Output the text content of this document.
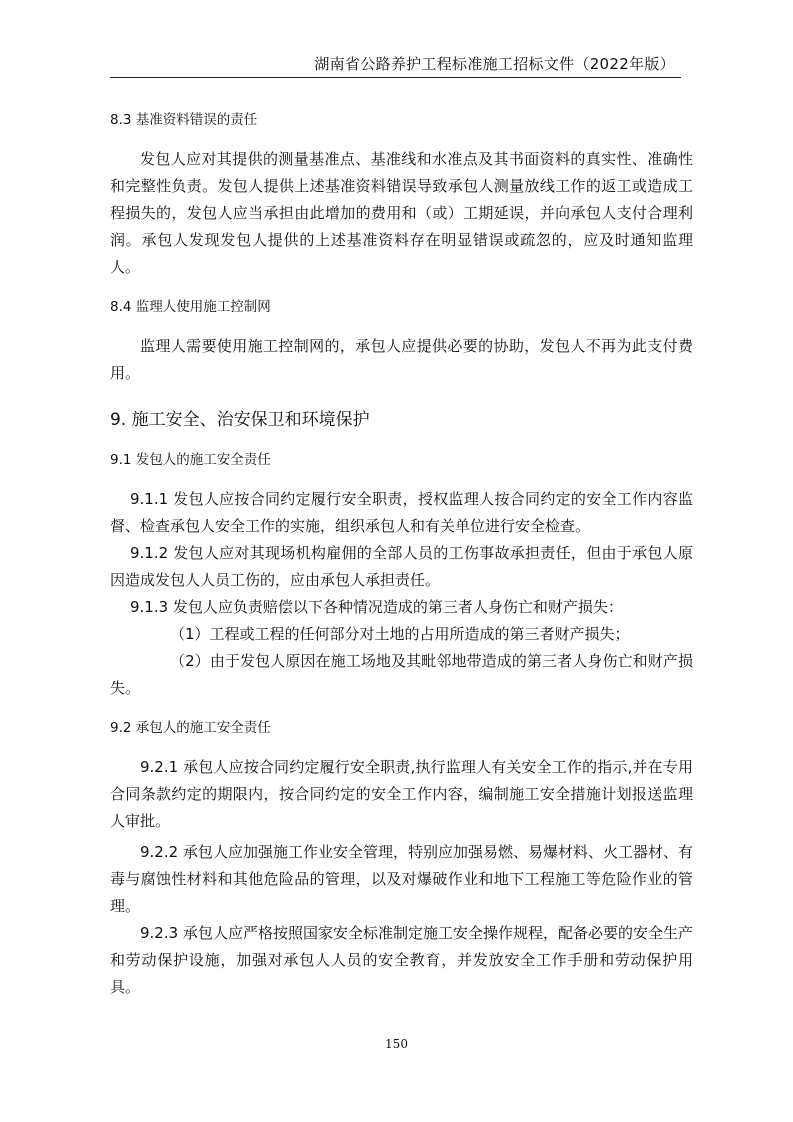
湖南省公路养护工程标准施工招标文件（2022年版）

8.3 基准资料错误的责任

发包人应对其提供的测量基准点、基准线和水准点及其书面资料的真实性、准确性和完整性负责。发包人提供上述基准资料错误导致承包人测量放线工作的返工或造成工程损失的，发包人应当承担由此增加的费用和（或）工期延误，并向承包人支付合理利润。承包人发现发包人提供的上述基准资料存在明显错误或疏忽的，应及时通知监理人。

8.4 监理人使用施工控制网

监理人需要使用施工控制网的，承包人应提供必要的协助，发包人不再为此支付费用。

9. 施工安全、治安保卫和环境保护

9.1 发包人的施工安全责任

9.1.1 发包人应按合同约定履行安全职责，授权监理人按合同约定的安全工作内容监督、检查承包人安全工作的实施，组织承包人和有关单位进行安全检查。

9.1.2 发包人应对其现场机构雇佣的全部人员的工伤事故承担责任，但由于承包人原因造成发包人人员工伤的，应由承包人承担责任。

9.1.3 发包人应负责赔偿以下各种情况造成的第三者人身伤亡和财产损失：

（1）工程或工程的任何部分对土地的占用所造成的第三者财产损失；

（2）由于发包人原因在施工场地及其毗邻地带造成的第三者人身伤亡和财产损失。

9.2 承包人的施工安全责任

9.2.1 承包人应按合同约定履行安全职责,执行监理人有关安全工作的指示,并在专用合同条款约定的期限内，按合同约定的安全工作内容，编制施工安全措施计划报送监理人审批。

9.2.2 承包人应加强施工作业安全管理，特别应加强易燃、易爆材料、火工器材、有毒与腐蚀性材料和其他危险品的管理，以及对爆破作业和地下工程施工等危险作业的管理。

9.2.3 承包人应严格按照国家安全标准制定施工安全操作规程，配备必要的安全生产和劳动保护设施，加强对承包人人员的安全教育，并发放安全工作手册和劳动保护用具。

150
